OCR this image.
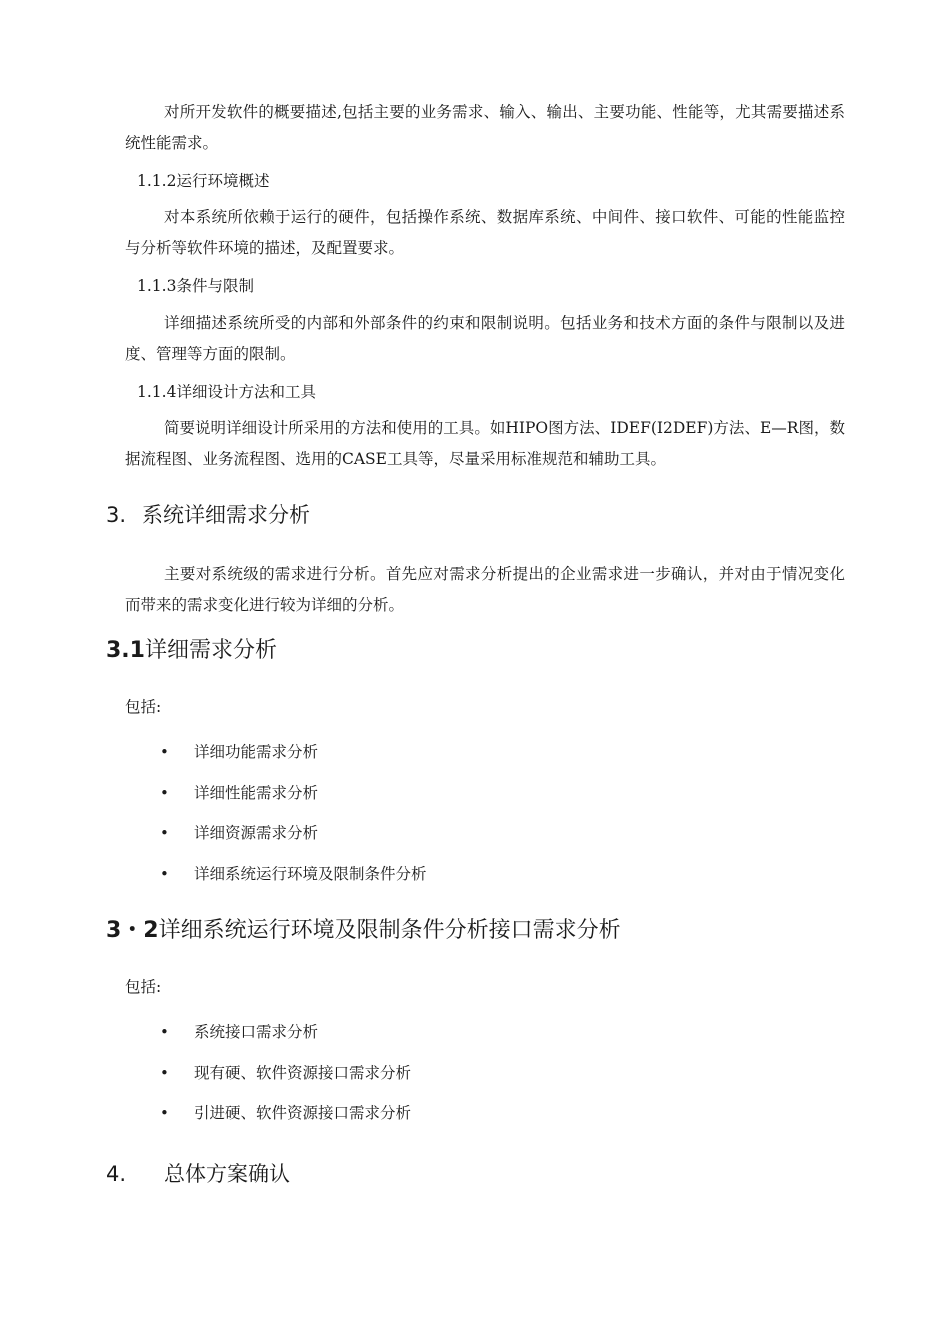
对所开发软件的概要描述,包括主要的业务需求、输入、输出、主要功能、性能等，尤其需要描述系统性能需求。

1.1.2运行环境概述

对本系统所依赖于运行的硬件，包括操作系统、数据库系统、中间件、接口软件、可能的性能监控与分析等软件环境的描述，及配置要求。

1.1.3条件与限制

详细描述系统所受的内部和外部条件的约束和限制说明。包括业务和技术方面的条件与限制以及进度、管理等方面的限制。

1.1.4详细设计方法和工具

简要说明详细设计所采用的方法和使用的工具。如HIPO图方法、IDEF(I2DEF)方法、E—R图，数据流程图、业务流程图、选用的CASE工具等，尽量采用标准规范和辅助工具。

3. 系统详细需求分析

主要对系统级的需求进行分析。首先应对需求分析提出的企业需求进一步确认，并对由于情况变化而带来的需求变化进行较为详细的分析。

3.1详细需求分析

包括:

• 详细功能需求分析
• 详细性能需求分析
• 详细资源需求分析
• 详细系统运行环境及限制条件分析
3・2详细系统运行环境及限制条件分析接口需求分析

包括:

• 系统接口需求分析
• 现有硬、软件资源接口需求分析
• 引进硬、软件资源接口需求分析
4. 总体方案确认
